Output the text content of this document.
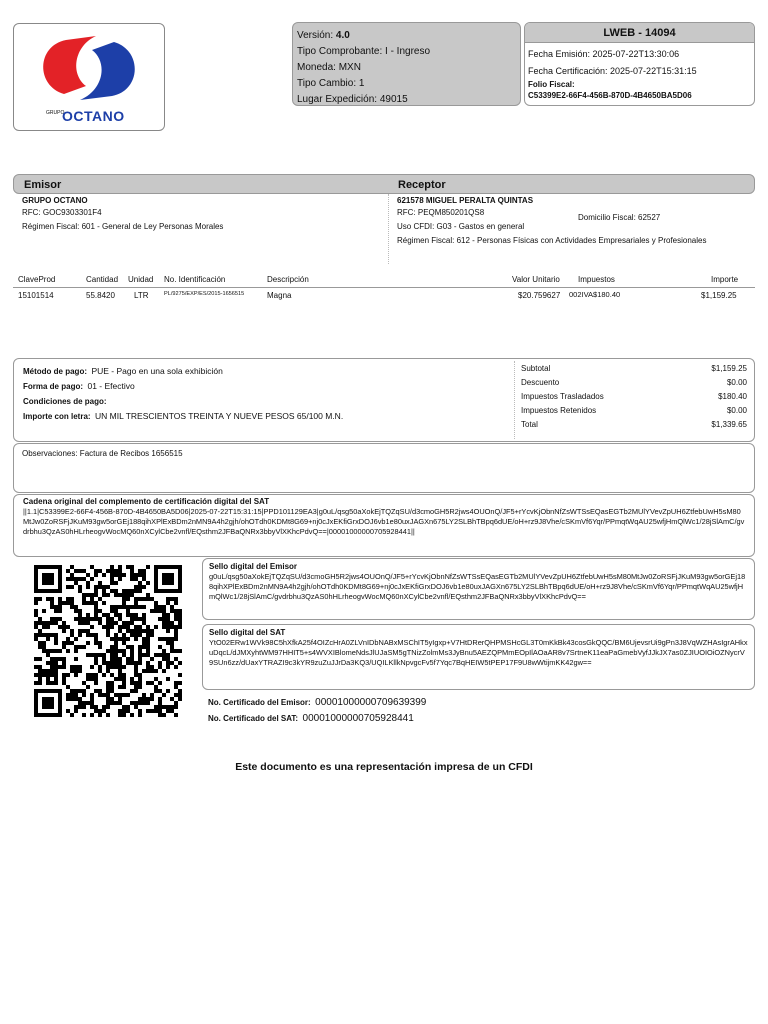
GRUPO
OCTANO
Versión: 4.0
Tipo Comprobante: I - Ingreso
Moneda: MXN
Tipo Cambio: 1
Lugar Expedición: 49015
LWEB - 14094
Fecha Emisión: 2025-07-22T13:30:06
Fecha Certificación: 2025-07-22T15:31:15
Folio Fiscal:
C53399E2-66F4-456B-870D-4B4650BA5D06
Emisor	Receptor
GRUPO OCTANO
RFC: GOC9303301F4
Régimen Fiscal: 601 - General de Ley Personas Morales
621578 MIGUEL PERALTA QUINTAS
RFC: PEQM850201QS8
Uso CFDI: G03 - Gastos en general
Régimen Fiscal: 612 - Personas Físicas con Actividades Empresariales y Profesionales
Domicilio Fiscal: 62527
ClaveProd	Cantidad Unidad No. Identificación	Descripción	Valor Unitario Impuestos	Importe
15101514	55.8420 LTR	PL/9275/EXP/ES/2015-1656515	Magna	$20.759627 002IVA$180.40	$1,159.25
Método de pago: PUE - Pago en una sola exhibición
Forma de pago: 01 - Efectivo
Condiciones de pago:
Importe con letra: UN MIL TRESCIENTOS TREINTA Y NUEVE PESOS 65/100 M.N.
Subtotal	$1,159.25
Descuento	$0.00
Impuestos Trasladados	$180.40
Impuestos Retenidos	$0.00
Total	$1,339.65
Observaciones: Factura de Recibos 1656515
Cadena original del complemento de certificación digital del SAT
||1.1|C53399E2-66F4-456B-870D-4B4650BA5D06|2025-07-22T15:31:15|PPD101129EA3|g0uL/qsg50aXokEjTQZqSU/d3cmoGH5R2jws4OUOnQ/JF5+rYcvKjObnNfZsWTSsEQasEGTb2MUlYVevZpUH6ZtfebUwH5sM80MtJw0ZoRSFjJKuM93gw5orGEj188qihXPlExBDm2nMN9A4h2gjh/ohOTdh0KDMt8G69+nj0cJxEKfiGrxDOJ6vb1e80uxJAGXn675LY2SLBhTBpq6dUE/oH+rz9J8Vhe/cSKmVf6Yqr/PPmqtWqAU25wfjHmQlWc1/28jSlAmC/gvdrbhu3QzAS0hHLrheogvWocMQ60nXCylCbe2vnfl/EQsthm2JFBaQNRx3bbyVlXKhcPdvQ==|00001000000705928441||
Sello digital del Emisor
g0uL/qsg50aXokEjTQZqSU/d3cmoGH5R2jws4OUOnQ/JF5+rYcvKjObnNfZsWTSsEQasEGTb2MUlYVevZpUH6ZtfebUwH5sM80MtJw0ZoRSFjJKuM93gw5orGEj188qihXPlExBDm2nMN9A4h2gjh/ohOTdh0KDMt8G69+nj0cJxEKfiGrxDOJ6vb1e80uxJAGXn675LY2SLBhTBpq6dUE/oH+rz9J8Vhe/cSKmVf6Yqr/PPmqtWqAU25wfjHmQlWc1/28jSlAmC/gvdrbhu3QzAS0hHLrheogvWocMQ60nXCylCbe2vnfl/EQsthm2JFBaQNRx3bbyVlXKhcPdvQ==
Sello digital del SAT
YtO02ERw1WVk98C5hXfkA25f4OIZcHrA0ZLVnIDbNABxMSChIT5yIgxp+V7HtDRerQHPMSHcGL3T0mKkBk43cosGkQQC/BM6UjevsrUi9gPn3J8VqWZHAsIgrAHkxuDqcL/dJMXyhtWM97HHIT5+s4WVXIBlomeNdsJlUJaSM5gTNizZolmMs3JyBnu5AEZQPMmEOpIlAOaAR8v7SrtneK11eaPaGmebVyfJJkJX7as0ZJIUOIOiOZNycrV9SUn6zz/dUaxYTRAZI9c3kYR9zuZuJJrDa3KQ3/UQILKllkNpvgcFv5f7Yqc7BqHEIW5tPEP17F9U8wWtijmKK42gw==
No. Certificado del Emisor: 00001000000709639399
No. Certificado del SAT: 00001000000705928441
Este documento es una representación impresa de un CFDI
